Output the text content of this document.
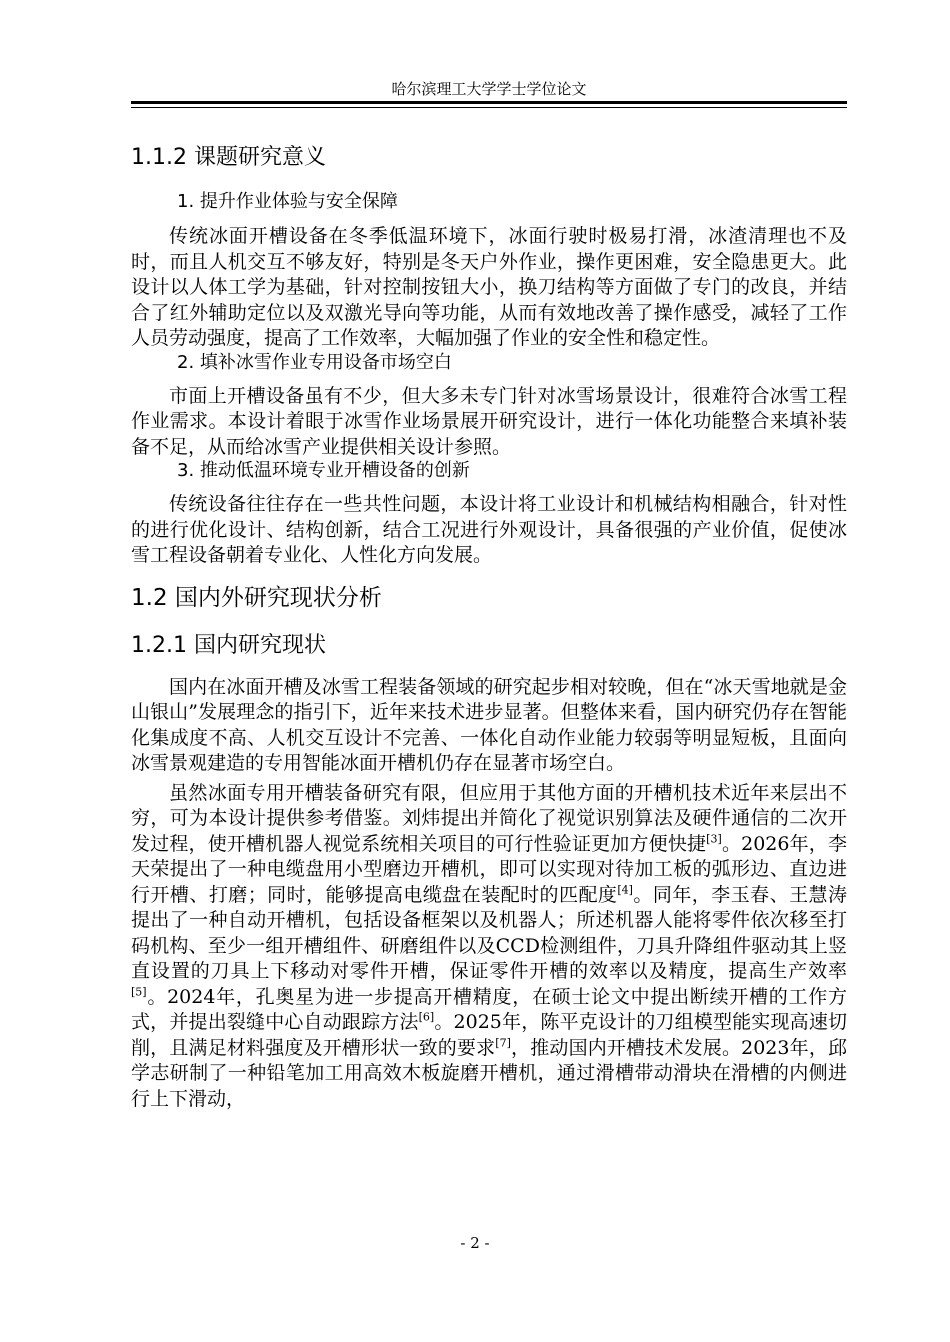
哈尔滨理工大学学士学位论文
1.1.2 课题研究意义
1. 提升作业体验与安全保障

传统冰面开槽设备在冬季低温环境下，冰面行驶时极易打滑，冰渣清理也不及时，而且人机交互不够友好，特别是冬天户外作业，操作更困难，安全隐患更大。此设计以人体工学为基础，针对控制按钮大小，换刀结构等方面做了专门的改良，并结合了红外辅助定位以及双激光导向等功能，从而有效地改善了操作感受，减轻了工作人员劳动强度，提高了工作效率，大幅加强了作业的安全性和稳定性。

2. 填补冰雪作业专用设备市场空白

市面上开槽设备虽有不少，但大多未专门针对冰雪场景设计，很难符合冰雪工程作业需求。本设计着眼于冰雪作业场景展开研究设计，进行一体化功能整合来填补装备不足，从而给冰雪产业提供相关设计参照。

3. 推动低温环境专业开槽设备的创新

传统设备往往存在一些共性问题，本设计将工业设计和机械结构相融合，针对性的进行优化设计、结构创新，结合工况进行外观设计，具备很强的产业价值，促使冰雪工程设备朝着专业化、人性化方向发展。

1.2 国内外研究现状分析
1.2.1 国内研究现状

国内在冰面开槽及冰雪工程装备领域的研究起步相对较晚，但在“冰天雪地就是金山银山”发展理念的指引下，近年来技术进步显著。但整体来看，国内研究仍存在智能化集成度不高、人机交互设计不完善、一体化自动作业能力较弱等明显短板，且面向冰雪景观建造的专用智能冰面开槽机仍存在显著市场空白。

虽然冰面专用开槽装备研究有限，但应用于其他方面的开槽机技术近年来层出不穷，可为本设计提供参考借鉴。刘炜提出并简化了视觉识别算法及硬件通信的二次开发过程，使开槽机器人视觉系统相关项目的可行性验证更加方便快捷[3]。2026年，李天荣提出了一种电缆盘用小型磨边开槽机，即可以实现对待加工板的弧形边、直边进行开槽、打磨；同时，能够提高电缆盘在装配时的匹配度[4]。同年，李玉春、王慧涛提出了一种自动开槽机，包括设备框架以及机器人；所述机器人能将零件依次移至打码机构、至少一组开槽组件、研磨组件以及CCD检测组件，刀具升降组件驱动其上竖直设置的刀具上下移动对零件开槽，保证零件开槽的效率以及精度，提高生产效率[5]。2024年，孔奥星为进一步提高开槽精度，在硕士论文中提出断续开槽的工作方式，并提出裂缝中心自动跟踪方法[6]。2025年，陈平克设计的刀组模型能实现高速切削，且满足材料强度及开槽形状一致的要求[7]，推动国内开槽技术发展。2023年，邱学志研制了一种铅笔加工用高效木板旋磨开槽机，通过滑槽带动滑块在滑槽的内侧进行上下滑动，

- 2 -
